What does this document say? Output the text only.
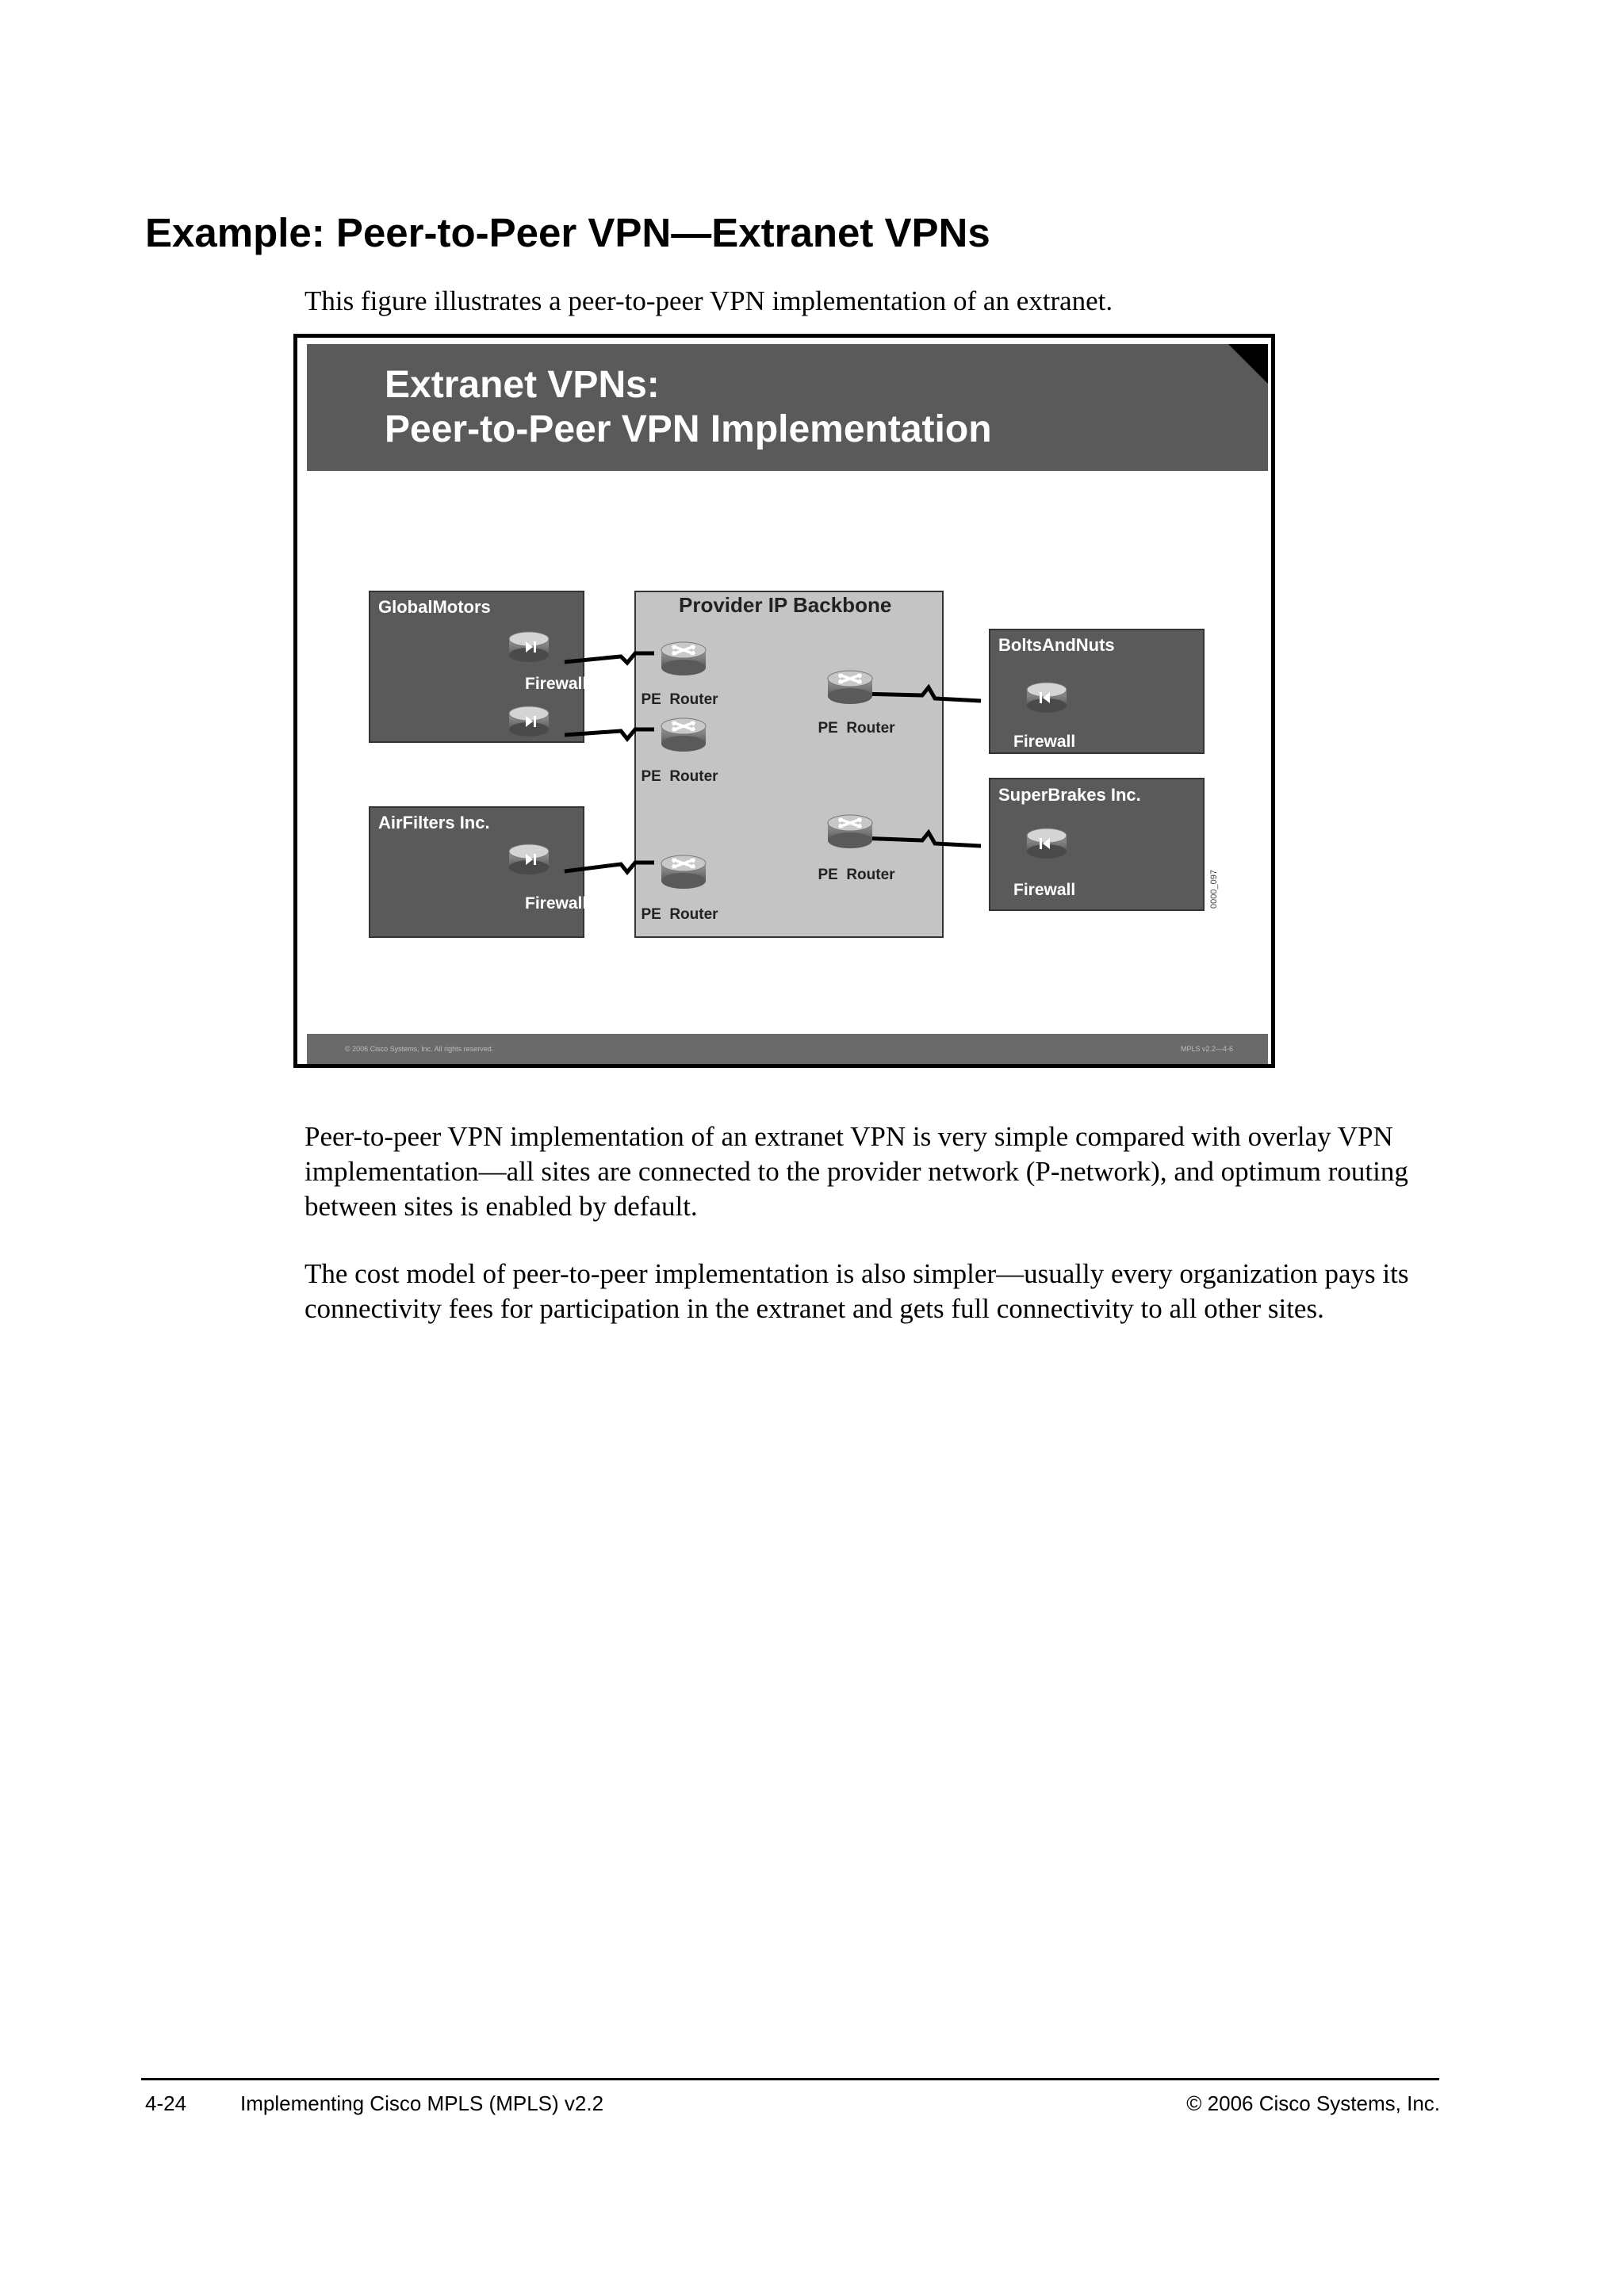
Example: Peer-to-Peer VPN—Extranet VPNs
This figure illustrates a peer-to-peer VPN implementation of an extranet.
Extranet VPNs:
Peer-to-Peer VPN Implementation
Provider IP Backbone
GlobalMotors
AirFilters Inc.
BoltsAndNuts
SuperBrakes Inc.
Firewall
Firewall
Firewall
Firewall
Firewall
PE  Router
PE  Router
PE  Router
PE  Router
PE  Router	0000_097
© 2006 Cisco Systems, Inc. All rights reserved.	MPLS v2.2—4-6
Peer-to-peer VPN implementation of an extranet VPN is very simple compared with overlay VPN implementation—all sites are connected to the provider network (P-network), and optimum routing between sites is enabled by default.
The cost model of peer-to-peer implementation is also simpler—usually every organization pays its connectivity fees for participation in the extranet and gets full connectivity to all other sites.
4-24	Implementing Cisco MPLS (MPLS) v2.2	© 2006 Cisco Systems, Inc.
